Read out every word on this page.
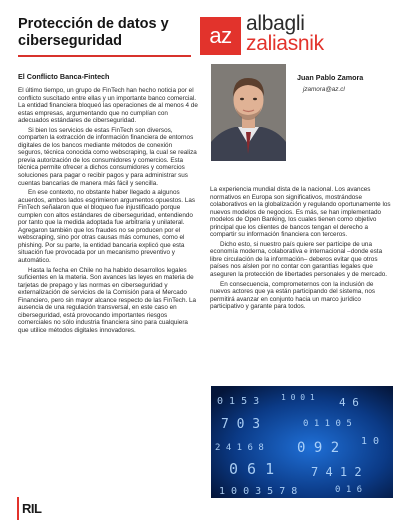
Protección de datos y ciberseguridad	az albagli
zaliasnik
El Conflicto Banca-Fintech

El último tiempo, un grupo de FinTech han hecho noticia por el conflicto suscitado entre ellas y un importante banco comercial. La entidad financiera bloqueó las operaciones de al menos 4 de estas empresas, argumentando que no cumplían con adecuados estándares de ciberseguridad.

Si bien los servicios de estas FinTech son diversos, comparten la extracción de información financiera de entornos digitales de los bancos mediante métodos de conexión seguros, técnica conocida como webscraping, la cual se realiza previa autorización de los consumidores y comercios. Esta técnica permite ofrecer a dichos consumidores y comercios soluciones para pagar o recibir pagos y para administrar sus cuentas bancarias de manera más fácil y sencilla.

En ese contexto, no obstante haber llegado a algunos acuerdos, ambos lados esgrimieron argumentos opuestos. Las FinTech señalaron que el bloqueo fue injustificado porque cumplen con altos estándares de ciberseguridad, entendiendo por tanto que la medida adoptada fue arbitraria y unilateral. Agregaron también que los fraudes no se producen por el webscraping, sino por otras causas más comunes, como el phishing. Por su parte, la entidad bancaria explicó que esta situación fue provocada por un mecanismo preventivo y automático.

Hasta la fecha en Chile no ha habido desarrollos legales suficientes en la materia. Son avances las leyes en materia de tarjetas de prepago y las normas en ciberseguridad y externalización de servicios de la Comisión para el Mercado Financiero, pero sin mayor alcance respecto de las FinTech. La ausencia de una regulación transversal, en este caso en ciberseguridad, está provocando importantes riesgos comerciales no sólo industria financiera sino para cualquiera que utilice métodos digitales innovadores.

Juan Pablo Zamora
jzamora@az.cl

La experiencia mundial dista de la nacional. Los avances normativos en Europa son significativos, mostrándose colaborativos en la globalización y regulando oportunamente los nuevos modelos de negocios. Es más, se han implementado modelos de Open Banking, los cuales tienen como objetivo principal que los clientes de bancos tengan el derecho a compartir su información financiera con terceros.

Dicho esto, si nuestro país quiere ser partícipe de una economía moderna, colaborativa e internacional –donde esta libre circulación de la información– deberos evitar que otros países nos aíslen por no contar con garantías legales que aseguren la protección de libertades personales y de mercado.

En consecuencia, comprometernos con la inclusión de nuevos actores que ya están participando del sistema, nos permitirá avanzar en conjunto hacia un marco jurídico participativo y garante para todos.

0 1 5 3	1 0 0 1 4 6
7 0 3	0 1 1 0 5
2 4 1 6 8 0 9 2 1 0
0 6 1	7 4 1 2
1 0 0 3 5 7 8	0 1 6
RIL
